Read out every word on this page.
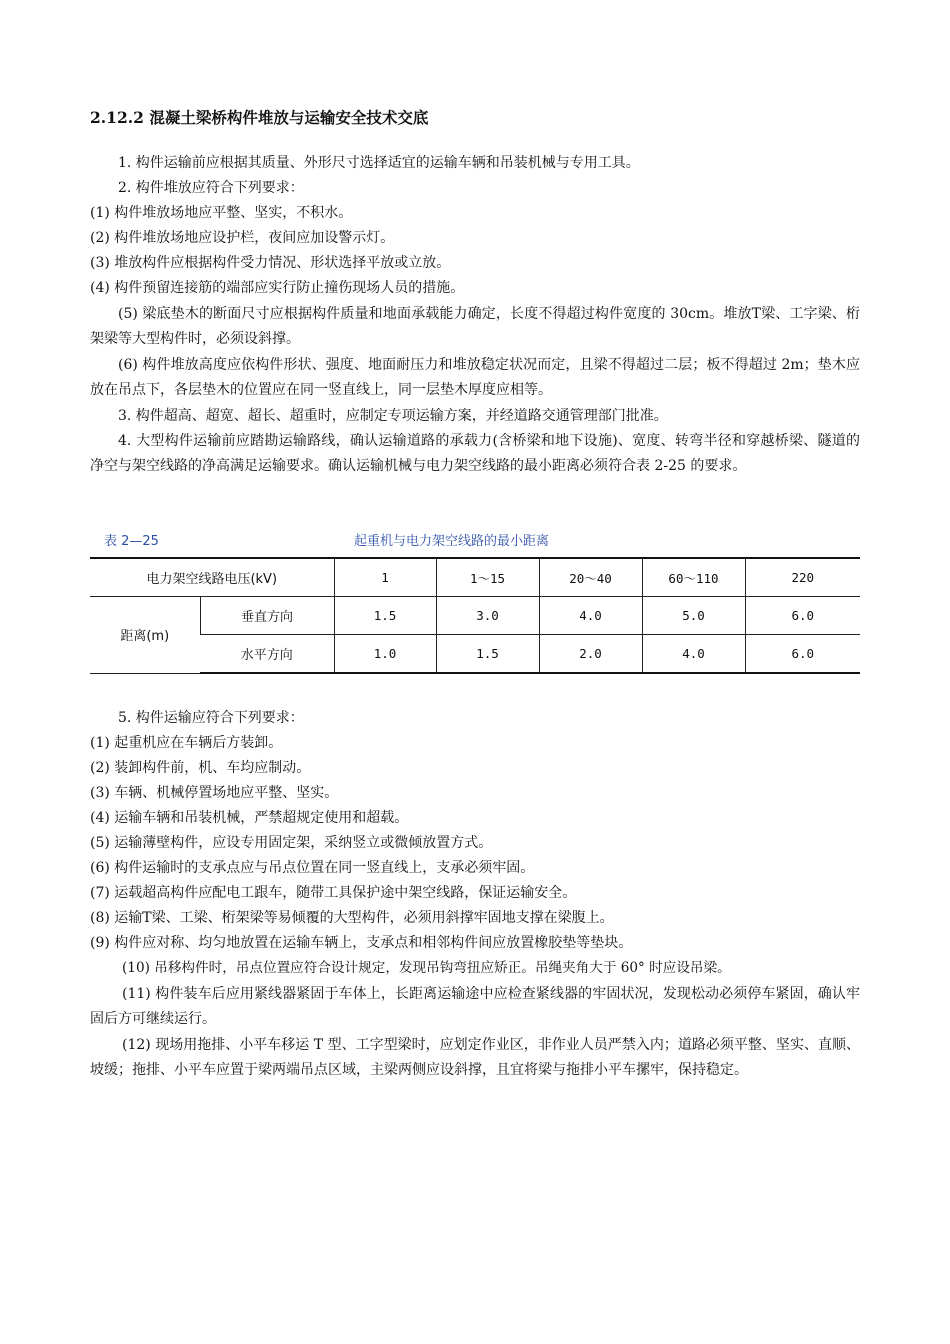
2.12.2 混凝土梁桥构件堆放与运输安全技术交底
1. 构件运输前应根据其质量、外形尺寸选择适宜的运输车辆和吊装机械与专用工具。
2. 构件堆放应符合下列要求：
(1) 构件堆放场地应平整、坚实，不积水。
(2) 构件堆放场地应设护栏，夜间应加设警示灯。
(3) 堆放构件应根据构件受力情况、形状选择平放或立放。
(4) 构件预留连接筋的端部应实行防止撞伤现场人员的措施。
(5) 梁底垫木的断面尺寸应根据构件质量和地面承载能力确定，长度不得超过构件宽度的 30cm。堆放T梁、工字梁、桁架梁等大型构件时，必须设斜撑。
(6) 构件堆放高度应依构件形状、强度、地面耐压力和堆放稳定状况而定，且梁不得超过二层；板不得超过 2m；垫木应放在吊点下，各层垫木的位置应在同一竖直线上，同一层垫木厚度应相等。
3. 构件超高、超宽、超长、超重时，应制定专项运输方案，并经道路交通管理部门批准。
4. 大型构件运输前应踏勘运输路线，确认运输道路的承载力(含桥梁和地下设施)、宽度、转弯半径和穿越桥梁、隧道的净空与架空线路的净高满足运输要求。确认运输机械与电力架空线路的最小距离必须符合表 2-25 的要求。
表 2—25	起重机与电力架空线路的最小距离
电力架空线路电压(kV)		1	1～15	20～40	60～110	220
距离(m)	垂直方向	1.5	3.0	4.0	5.0	6.0
	水平方向	1.0	1.5	2.0	4.0	6.0
5. 构件运输应符合下列要求：
(1) 起重机应在车辆后方装卸。
(2) 装卸构件前，机、车均应制动。
(3) 车辆、机械停置场地应平整、坚实。
(4) 运输车辆和吊装机械，严禁超规定使用和超载。
(5) 运输薄壁构件，应设专用固定架，采纳竖立或微倾放置方式。
(6) 构件运输时的支承点应与吊点位置在同一竖直线上，支承必须牢固。
(7) 运载超高构件应配电工跟车，随带工具保护途中架空线路，保证运输安全。
(8) 运输T梁、工梁、桁架梁等易倾覆的大型构件，必须用斜撑牢固地支撑在梁腹上。
(9) 构件应对称、均匀地放置在运输车辆上，支承点和相邻构件间应放置橡胶垫等垫块。
(10) 吊移构件时，吊点位置应符合设计规定，发现吊钩弯扭应矫正。吊绳夹角大于 60° 时应设吊梁。
(11) 构件装车后应用紧线器紧固于车体上，长距离运输途中应检查紧线器的牢固状况，发现松动必须停车紧固，确认牢固后方可继续运行。
(12) 现场用拖排、小平车移运 T 型、工字型梁时，应划定作业区，非作业人员严禁入内；道路必须平整、坚实、直顺、坡缓；拖排、小平车应置于梁两端吊点区域，主梁两侧应设斜撑，且宜将梁与拖排小平车摞牢，保持稳定。
